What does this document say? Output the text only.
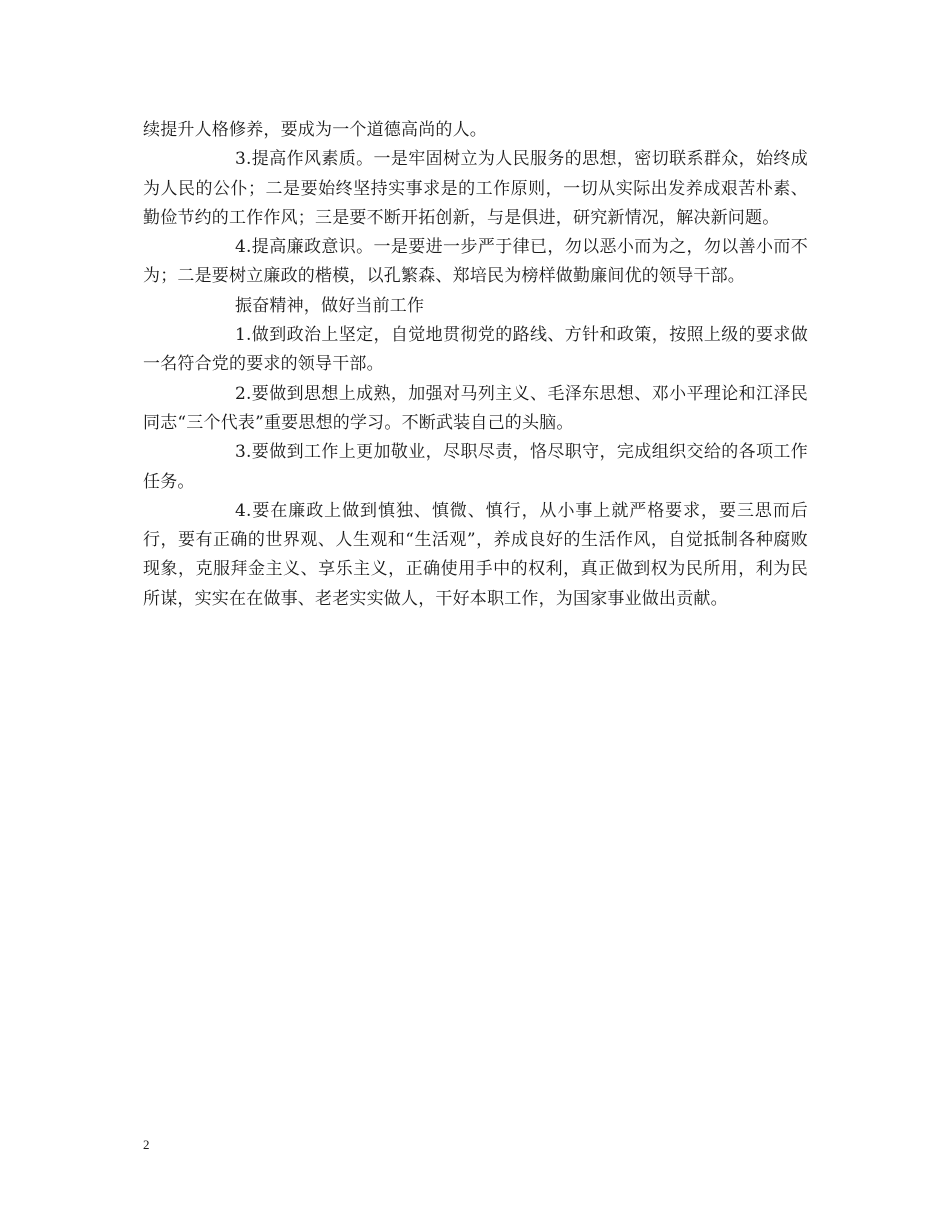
续提升人格修养，要成为一个道德高尚的人。

3.提高作风素质。一是牢固树立为人民服务的思想，密切联系群众，始终成为人民的公仆；二是要始终坚持实事求是的工作原则，一切从实际出发养成艰苦朴素、勤俭节约的工作作风；三是要不断开拓创新，与是俱进，研究新情况，解决新问题。

4.提高廉政意识。一是要进一步严于律已，勿以恶小而为之，勿以善小而不为；二是要树立廉政的楷模，以孔繁森、郑培民为榜样做勤廉间优的领导干部。

振奋精神，做好当前工作

1.做到政治上坚定，自觉地贯彻党的路线、方针和政策，按照上级的要求做一名符合党的要求的领导干部。

2.要做到思想上成熟，加强对马列主义、毛泽东思想、邓小平理论和江泽民同志“三个代表”重要思想的学习。不断武装自己的头脑。

3.要做到工作上更加敬业，尽职尽责，恪尽职守，完成组织交给的各项工作任务。

4.要在廉政上做到慎独、慎微、慎行，从小事上就严格要求，要三思而后行，要有正确的世界观、人生观和“生活观”，养成良好的生活作风，自觉抵制各种腐败现象，克服拜金主义、享乐主义，正确使用手中的权利，真正做到权为民所用，利为民所谋，实实在在做事、老老实实做人，干好本职工作，为国家事业做出贡献。

2
